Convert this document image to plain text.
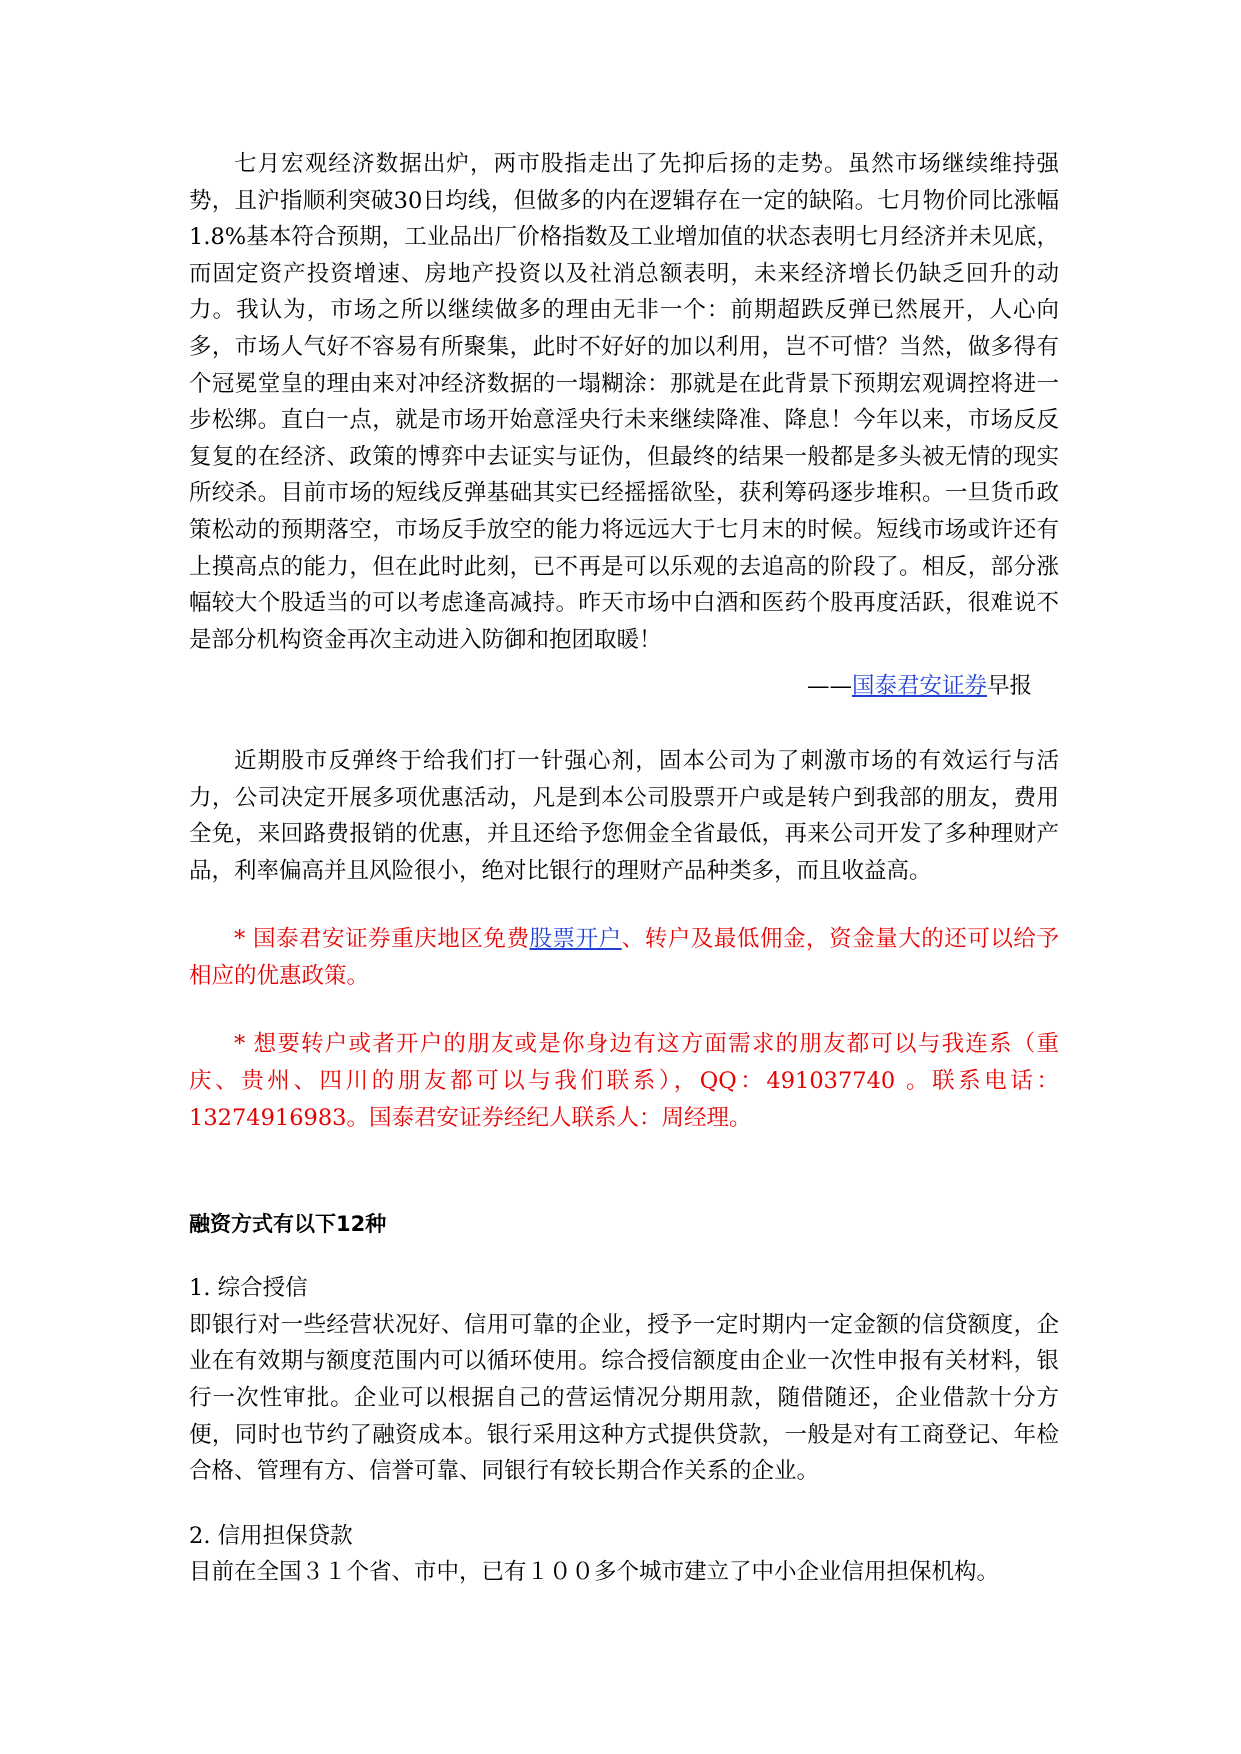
七月宏观经济数据出炉，两市股指走出了先抑后扬的走势。虽然市场继续维持强势，且沪指顺利突破30日均线，但做多的内在逻辑存在一定的缺陷。七月物价同比涨幅1.8%基本符合预期，工业品出厂价格指数及工业增加值的状态表明七月经济并未见底，而固定资产投资增速、房地产投资以及社消总额表明，未来经济增长仍缺乏回升的动力。我认为，市场之所以继续做多的理由无非一个：前期超跌反弹已然展开，人心向多，市场人气好不容易有所聚集，此时不好好的加以利用，岂不可惜？当然，做多得有个冠冕堂皇的理由来对冲经济数据的一塌糊涂：那就是在此背景下预期宏观调控将进一步松绑。直白一点，就是市场开始意淫央行未来继续降准、降息！今年以来，市场反反复复的在经济、政策的博弈中去证实与证伪，但最终的结果一般都是多头被无情的现实所绞杀。目前市场的短线反弹基础其实已经摇摇欲坠，获利筹码逐步堆积。一旦货币政策松动的预期落空，市场反手放空的能力将远远大于七月末的时候。短线市场或许还有上摸高点的能力，但在此时此刻，已不再是可以乐观的去追高的阶段了。相反，部分涨幅较大个股适当的可以考虑逢高减持。昨天市场中白酒和医药个股再度活跃，很难说不是部分机构资金再次主动进入防御和抱团取暖！

——国泰君安证券早报

近期股市反弹终于给我们打一针强心剂，固本公司为了刺激市场的有效运行与活力，公司决定开展多项优惠活动，凡是到本公司股票开户或是转户到我部的朋友，费用全免，来回路费报销的优惠，并且还给予您佣金全省最低，再来公司开发了多种理财产品，利率偏高并且风险很小，绝对比银行的理财产品种类多，而且收益高。

* 国泰君安证券重庆地区免费股票开户、转户及最低佣金，资金量大的还可以给予相应的优惠政策。

* 想要转户或者开户的朋友或是你身边有这方面需求的朋友都可以与我连系（重庆、贵州、四川的朋友都可以与我们联系），QQ：491037740 。联系电话：13274916983。国泰君安证券经纪人联系人：周经理。

融资方式有以下12种

1. 综合授信

即银行对一些经营状况好、信用可靠的企业，授予一定时期内一定金额的信贷额度，企业在有效期与额度范围内可以循环使用。综合授信额度由企业一次性申报有关材料，银行一次性审批。企业可以根据自己的营运情况分期用款，随借随还，企业借款十分方便，同时也节约了融资成本。银行采用这种方式提供贷款，一般是对有工商登记、年检合格、管理有方、信誉可靠、同银行有较长期合作关系的企业。

2. 信用担保贷款

目前在全国３１个省、市中，已有１００多个城市建立了中小企业信用担保机构。
